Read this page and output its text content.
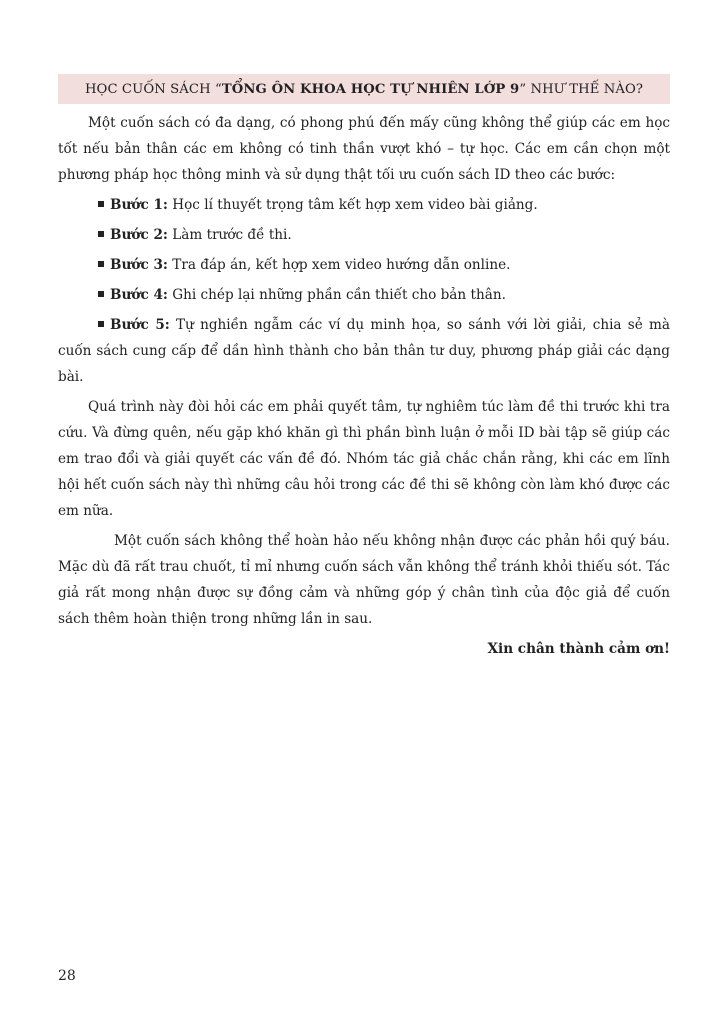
HỌC CUỐN SÁCH “ TỔNG ÔN KHOA HỌC TỰ NHIÊN LỚP 9 ” NHƯ THẾ NÀO?

Một cuốn sách có đa dạng, có phong phú đến mấy cũng không thể giúp các em học tốt nếu bản thân các em không có tinh thần vượt khó – tự học. Các em cần chọn một phương pháp học thông minh và sử dụng thật tối ưu cuốn sách ID theo các bước:

Bước 1: Học lí thuyết trọng tâm kết hợp xem video bài giảng.

Bước 2: Làm trước đề thi.

Bước 3: Tra đáp án, kết hợp xem video hướng dẫn online.

Bước 4: Ghi chép lại những phần cần thiết cho bản thân.

Bước 5: Tự nghiền ngẫm các ví dụ minh họa, so sánh với lời giải, chia sẻ mà cuốn sách cung cấp để dần hình thành cho bản thân tư duy, phương pháp giải các dạng bài.

Quá trình này đòi hỏi các em phải quyết tâm, tự nghiêm túc làm đề thi trước khi tra cứu. Và đừng quên, nếu gặp khó khăn gì thì phần bình luận ở mỗi ID bài tập sẽ giúp các em trao đổi và giải quyết các vấn đề đó. Nhóm tác giả chắc chắn rằng, khi các em lĩnh hội hết cuốn sách này thì những câu hỏi trong các đề thi sẽ không còn làm khó được các em nữa.

Một cuốn sách không thể hoàn hảo nếu không nhận được các phản hồi quý báu. Mặc dù đã rất trau chuốt, tỉ mỉ nhưng cuốn sách vẫn không thể tránh khỏi thiếu sót. Tác giả rất mong nhận được sự đồng cảm và những góp ý chân tình của độc giả để cuốn sách thêm hoàn thiện trong những lần in sau.

Xin chân thành cảm ơn!

28
